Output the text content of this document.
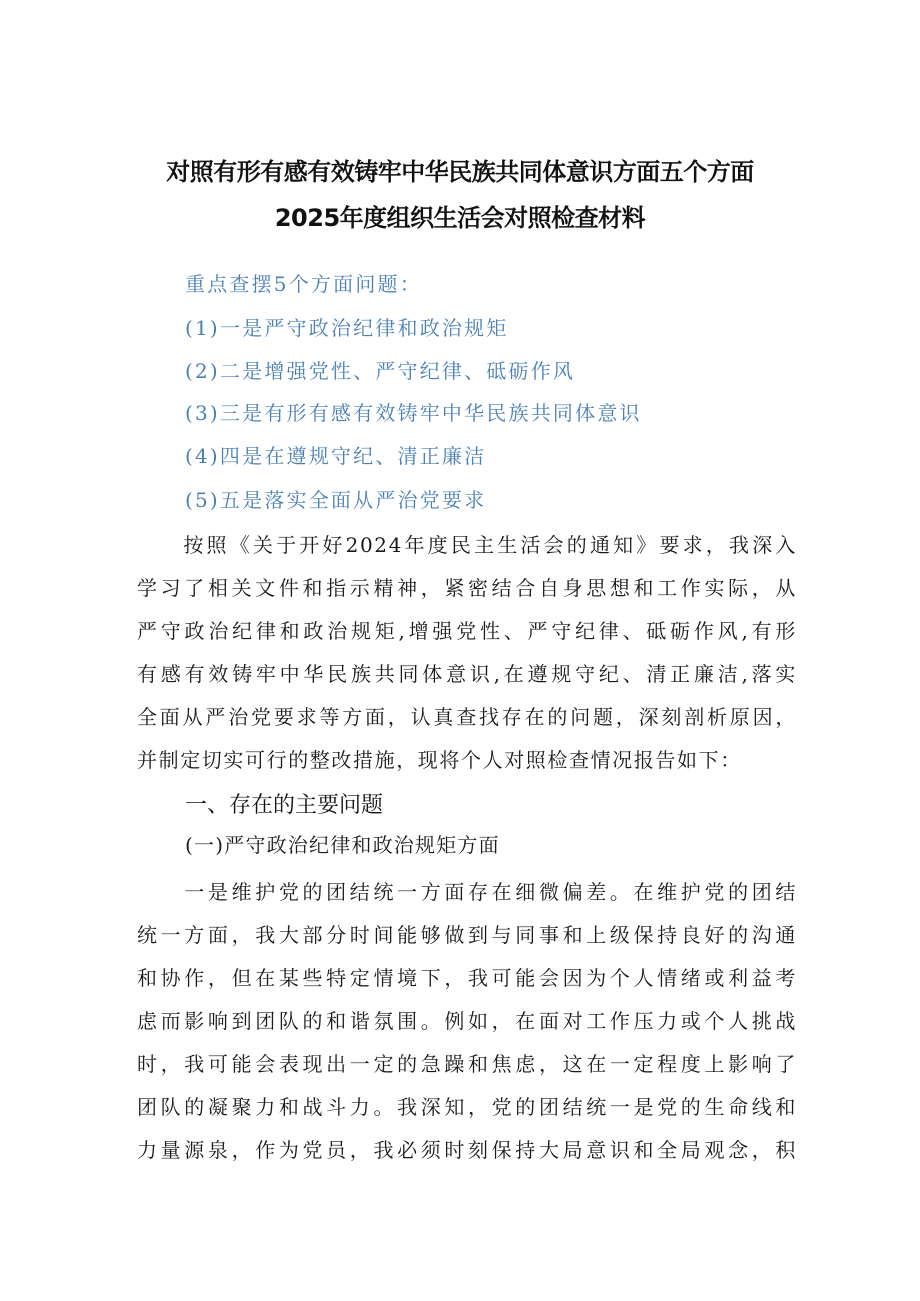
对照有形有感有效铸牢中华民族共同体意识方面五个方面
2025年度组织生活会对照检查材料
重点查摆5个方面问题：
(1)一是严守政治纪律和政治规矩
(2)二是增强党性、严守纪律、砥砺作风
(3)三是有形有感有效铸牢中华民族共同体意识
(4)四是在遵规守纪、清正廉洁
(5)五是落实全面从严治党要求
　　按照《关于开好2024年度民主生活会的通知》要求，我深入
学习了相关文件和指示精神，紧密结合自身思想和工作实际，从
严守政治纪律和政治规矩,增强党性、严守纪律、砥砺作风,有形
有感有效铸牢中华民族共同体意识,在遵规守纪、清正廉洁,落实
全面从严治党要求等方面，认真查找存在的问题，深刻剖析原因，
并制定切实可行的整改措施，现将个人对照检查情况报告如下：
一、存在的主要问题
(一)严守政治纪律和政治规矩方面
　　一是维护党的团结统一方面存在细微偏差。在维护党的团结
统一方面，我大部分时间能够做到与同事和上级保持良好的沟通
和协作，但在某些特定情境下，我可能会因为个人情绪或利益考
虑而影响到团队的和谐氛围。例如，在面对工作压力或个人挑战
时，我可能会表现出一定的急躁和焦虑，这在一定程度上影响了
团队的凝聚力和战斗力。我深知，党的团结统一是党的生命线和
力量源泉，作为党员，我必须时刻保持大局意识和全局观念，积
